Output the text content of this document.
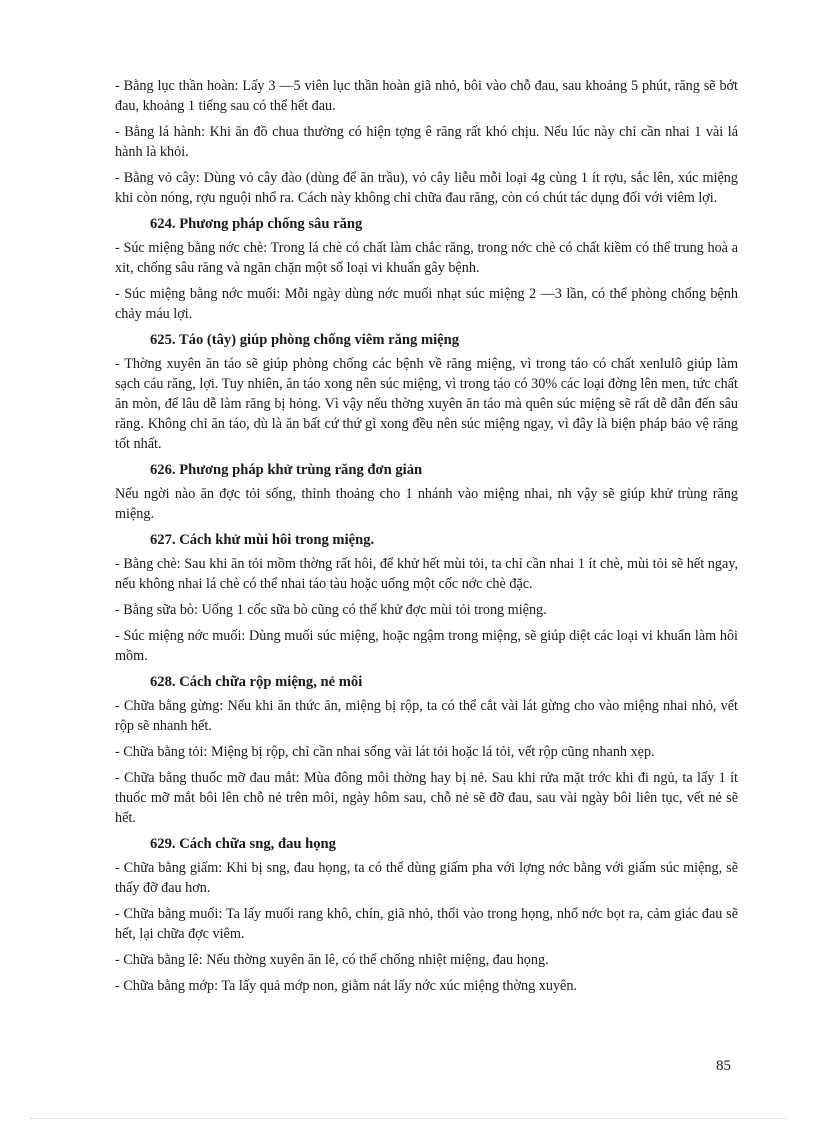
- Bằng lục thần hoàn: Lấy 3 —5 viên lục thần hoàn giã nhỏ, bôi vào chỗ đau, sau khoảng 5 phút, răng sẽ bớt đau, khoảng 1 tiếng sau có thể hết đau.

- Bằng lá hành: Khi ăn đồ chua thường có hiện tợng ê răng rất khó chịu. Nếu lúc này chỉ cần nhai 1 vài lá hành là khỏi.

- Bằng vỏ cây: Dùng vỏ cây đào (dùng để ăn trầu), vỏ cây liễu mỗi loại 4g cùng 1 ít rợu, sắc lên, xúc miệng khi còn nóng, rợu nguội nhổ ra. Cách này không chỉ chữa đau răng, còn có chút tác dụng đối với viêm lợi.

624. Phương pháp chống sâu răng

- Súc miệng bằng nớc chè: Trong lá chè có chất làm chắc răng, trong nớc chè có chất kiềm có thể trung hoà a xit, chống sâu răng và ngăn chặn một số loại vi khuẩn gây bệnh.

- Súc miệng bằng nớc muối: Mỗi ngày dùng nớc muối nhạt súc miệng 2 —3 lần, có thể phòng chống bệnh chảy máu lợi.

625. Táo (tây) giúp phòng chống viêm răng miệng

- Thờng xuyên ăn táo sẽ giúp phòng chống các bệnh về răng miệng, vì trong táo có chất xenlulô giúp làm sạch cáu răng, lợi. Tuy nhiên, ăn táo xong nên súc miệng, vì trong táo có 30% các loại đờng lên men, tức chất ăn mòn, để lâu dễ làm răng bị hỏng. Vì vậy nếu thờng xuyên ăn táo mà quên súc miệng sẽ rất dễ dẫn đến sâu răng. Không chỉ ăn táo, dù là ăn bất cứ thứ gì xong đều nên súc miệng ngay, vì đây là biện pháp bảo vệ răng tốt nhất.

626. Phương pháp khử trùng răng đơn giản

Nếu ngời nào ăn đợc tỏi sống, thỉnh thoảng cho 1 nhánh vào miệng nhai, nh vậy sẽ giúp khử trùng răng miệng.

627. Cách khử mùi hôi trong miệng.

- Bằng chè: Sau khi ăn tỏi mồm thờng rất hôi, để khử hết mùi tỏi, ta chỉ cần nhai 1 ít chè, mùi tỏi sẽ hết ngay, nếu không nhai lá chè có thể nhai táo tàu hoặc uống một cốc nớc chè đặc.

- Bằng sữa bò: Uống 1 cốc sữa bò cũng có thể khử đợc mùi tỏi trong miệng.

- Súc miệng nớc muối: Dùng muối súc miệng, hoặc ngậm trong miệng, sẽ giúp diệt các loại vi khuẩn làm hôi mồm.

628. Cách chữa rộp miệng, nẻ môi

- Chữa bằng gừng: Nếu khi ăn thức ăn, miệng bị rộp, ta có thể cắt vài lát gừng cho vào miệng nhai nhỏ, vết rộp sẽ nhanh hết.

- Chữa bằng tỏi: Miệng bị rộp, chỉ cần nhai sống vài lát tỏi hoặc lá tỏi, vết rộp cũng nhanh xẹp.

- Chữa bằng thuốc mỡ đau mắt: Mùa đông môi thờng hay bị nẻ. Sau khi rửa mặt trớc khi đi ngủ, ta lấy 1 ít thuốc mỡ mắt bôi lên chỗ nẻ trên môi, ngày hôm sau, chỗ nẻ sẽ đỡ đau, sau vài ngày bôi liên tục, vết nẻ sẽ hết.

629. Cách chữa sng, đau họng

- Chữa bằng giấm: Khi bị sng, đau họng, ta có thể dùng giấm pha với lợng nớc bằng với giấm súc miệng, sẽ thấy đỡ đau hơn.

- Chữa bằng muối: Ta lấy muối rang khô, chín, giã nhỏ, thổi vào trong họng, nhổ nớc bọt ra, cảm giác đau sẽ hết, lại chữa đợc viêm.

- Chữa bằng lê: Nếu thờng xuyên ăn lê, có thể chống nhiệt miệng, đau họng.

- Chữa bằng mớp: Ta lấy quả mớp non, giằm nát lấy nớc xúc miệng thờng xuyên.

85
